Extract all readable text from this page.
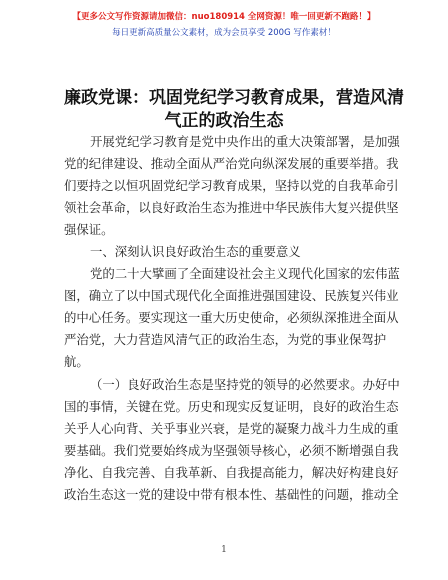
【更多公文写作资源请加微信：nuo180914 全网资源！唯一回更新不跑路！】
每日更新高质量公文素材，成为会员享受 200G 写作素材！
廉政党课：巩固党纪学习教育成果，营造风清
气正的政治生态
开展党纪学习教育是党中央作出的重大决策部署，是加强
党的纪律建设、推动全面从严治党向纵深发展的重要举措。我
们要持之以恒巩固党纪学习教育成果，坚持以党的自我革命引
领社会革命，以良好政治生态为推进中华民族伟大复兴提供坚
强保证。
一、深刻认识良好政治生态的重要意义
党的二十大擘画了全面建设社会主义现代化国家的宏伟蓝
图，确立了以中国式现代化全面推进强国建设、民族复兴伟业
的中心任务。要实现这一重大历史使命，必须纵深推进全面从
严治党，大力营造风清气正的政治生态，为党的事业保驾护
航。
（一）良好政治生态是坚持党的领导的必然要求。办好中
国的事情，关键在党。历史和现实反复证明，良好的政治生态
关乎人心向背、关乎事业兴衰，是党的凝聚力战斗力生成的重
要基础。我们党要始终成为坚强领导核心，必须不断增强自我
净化、自我完善、自我革新、自我提高能力，解决好构建良好
政治生态这一党的建设中带有根本性、基础性的问题，推动全
1
